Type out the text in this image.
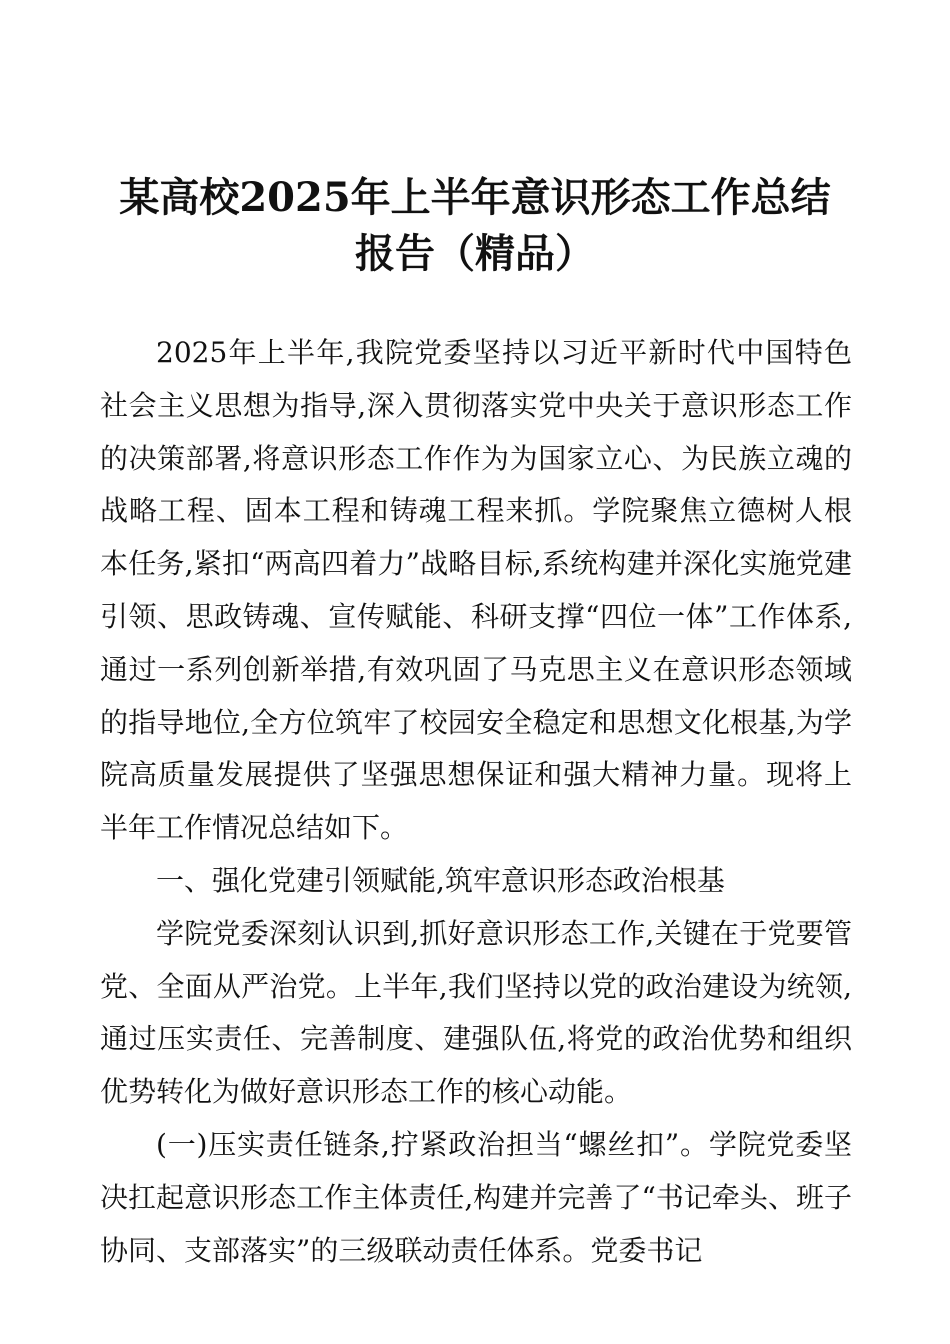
某高校2025年上半年意识形态工作总结
报告（精品）

2025年上半年,我院党委坚持以习近平新时代中国特色社会主义思想为指导,深入贯彻落实党中央关于意识形态工作的决策部署,将意识形态工作作为为国家立心、为民族立魂的战略工程、固本工程和铸魂工程来抓。学院聚焦立德树人根本任务,紧扣“两高四着力”战略目标,系统构建并深化实施党建引领、思政铸魂、宣传赋能、科研支撑“四位一体”工作体系,通过一系列创新举措,有效巩固了马克思主义在意识形态领域的指导地位,全方位筑牢了校园安全稳定和思想文化根基,为学院高质量发展提供了坚强思想保证和强大精神力量。现将上半年工作情况总结如下。

一、强化党建引领赋能,筑牢意识形态政治根基

学院党委深刻认识到,抓好意识形态工作,关键在于党要管党、全面从严治党。上半年,我们坚持以党的政治建设为统领,通过压实责任、完善制度、建强队伍,将党的政治优势和组织优势转化为做好意识形态工作的核心动能。

(一)压实责任链条,拧紧政治担当“螺丝扣”。学院党委坚决扛起意识形态工作主体责任,构建并完善了“书记牵头、班子协同、支部落实”的三级联动责任体系。党委书记
